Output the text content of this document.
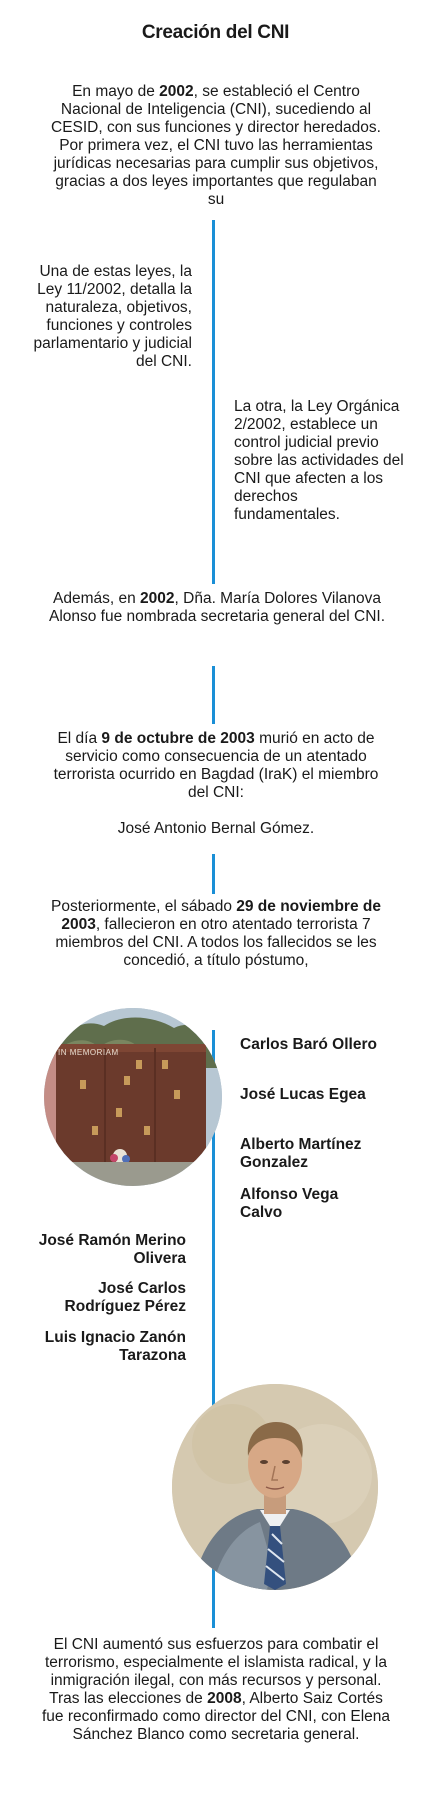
Creación del CNI
En mayo de 2002, se estableció el Centro Nacional de Inteligencia (CNI), sucediendo al CESID, con sus funciones y director heredados. Por primera vez, el CNI tuvo las herramientas jurídicas necesarias para cumplir sus objetivos, gracias a dos leyes importantes que regulaban su
Una de estas leyes, la Ley 11/2002, detalla la naturaleza, objetivos, funciones y controles parlamentario y judicial del CNI.
La otra, la Ley Orgánica 2/2002, establece un control judicial previo sobre las actividades del CNI que afecten a los derechos fundamentales.
Además, en 2002, Dña. María Dolores Vilanova Alonso fue nombrada secretaria general del CNI.
El día 9 de octubre de 2003 murió en acto de servicio como consecuencia de un atentado terrorista ocurrido en Bagdad (IraK) el miembro del CNI:
José Antonio Bernal Gómez.
Posteriormente, el sábado 29 de noviembre de 2003, fallecieron en otro atentado terrorista 7 miembros del CNI. A todos los fallecidos se les concedió, a título póstumo,
IN MEMORIAM	Carlos Baró Ollero
José Lucas Egea
Alberto Martínez Gonzalez
Alfonso Vega Calvo
José Ramón Merino Olivera
José Carlos Rodríguez Pérez
Luis Ignacio Zanón Tarazona
El CNI aumentó sus esfuerzos para combatir el terrorismo, especialmente el islamista radical, y la inmigración ilegal, con más recursos y personal. Tras las elecciones de 2008, Alberto Saiz Cortés fue reconfirmado como director del CNI, con Elena Sánchez Blanco como secretaria general.
